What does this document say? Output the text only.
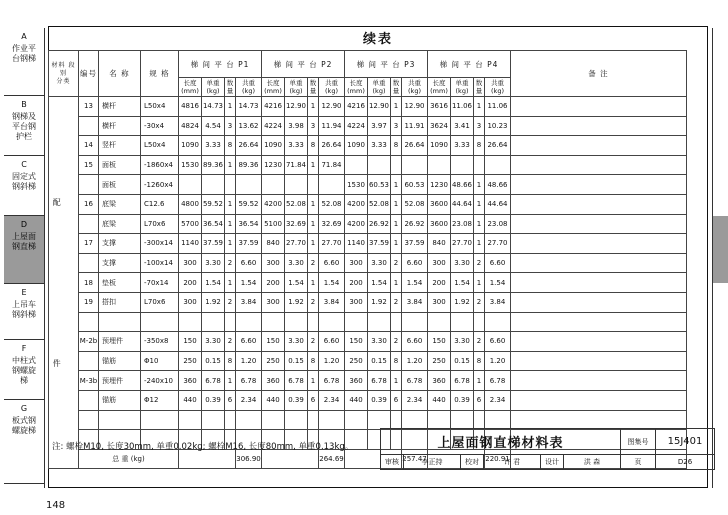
A
作业平台钢梯
B
钢梯及平台钢护栏
C
固定式钢斜梯
D
上屋面钢直梯
E
上吊车钢斜梯
F
中柱式钢螺旋梯
G
板式钢螺旋梯
续表
材料 段别
分类		编号	名 称	规 格	梯 间 平 台 P1				梯 间 平 台 P2				梯 间 平 台 P3				梯 间 平 台 P4				备 注
					长度(mm)	单重(kg)	数量	共重(kg)	长度(mm)	单重(kg)	数量	共重(kg)	长度(mm)	单重(kg)	数量	共重(kg)	长度(mm)	单重(kg)	数量	共重(kg)	

配
件		13	横杆	L50x4	4816	14.73	1	14.73	4216	12.90	1	12.90	4216	12.90	1	12.90	3616	11.06	1	11.06	
			横杆	-30x4	4824	4.54	3	13.62	4224	3.98	3	11.94	4224	3.97	3	11.91	3624	3.41	3	10.23	
		14	竖杆	L50x4	1090	3.33	8	26.64	1090	3.33	8	26.64	1090	3.33	8	26.64	1090	3.33	8	26.64	
		15	面板	-1860x4	1530	89.36	1	89.36	1230	71.84	1	71.84									
			面板	-1260x4									1530	60.53	1	60.53	1230	48.66	1	48.66	
		16	底梁	C12.6	4800	59.52	1	59.52	4200	52.08	1	52.08	4200	52.08	1	52.08	3600	44.64	1	44.64	
			底梁	L70x6	5700	36.54	1	36.54	5100	32.69	1	32.69	4200	26.92	1	26.92	3600	23.08	1	23.08	
		17	支撑	-300x14	1140	37.59	1	37.59	840	27.70	1	27.70	1140	37.59	1	37.59	840	27.70	1	27.70	
			支撑	-100x14	300	3.30	2	6.60	300	3.30	2	6.60	300	3.30	2	6.60	300	3.30	2	6.60	
		18	垫板	-70x14	200	1.54	1	1.54	200	1.54	1	1.54	200	1.54	1	1.54	200	1.54	1	1.54	
		19	搭扣	L70x6	300	1.92	2	3.84	300	1.92	2	3.84	300	1.92	2	3.84	300	1.92	2	3.84	

		M-2b	预埋件	-350x8	150	3.30	2	6.60	150	3.30	2	6.60	150	3.30	2	6.60	150	3.30	2	6.60	
			锚筋	Φ10	250	0.15	8	1.20	250	0.15	8	1.20	250	0.15	8	1.20	250	0.15	8	1.20	
		M-3b	预埋件	-240x10	360	6.78	1	6.78	360	6.78	1	6.78	360	6.78	1	6.78	360	6.78	1	6.78	
			锚筋	Φ12	440	0.39	6	2.34	440	0.39	6	2.34	440	0.39	6	2.34	440	0.39	6	2.34	

		总 重 (kg)						306.90				264.69				257.47				220.91	
注: 螺栓M10, 长度30mm, 单重0.02kg; 螺栓M16, 长度80mm, 单重0.13kg。	上屋面钢直梯材料表						图集号	15J401
审核	李正持	校对	许 君	设计	洪 森	页	D26
148
